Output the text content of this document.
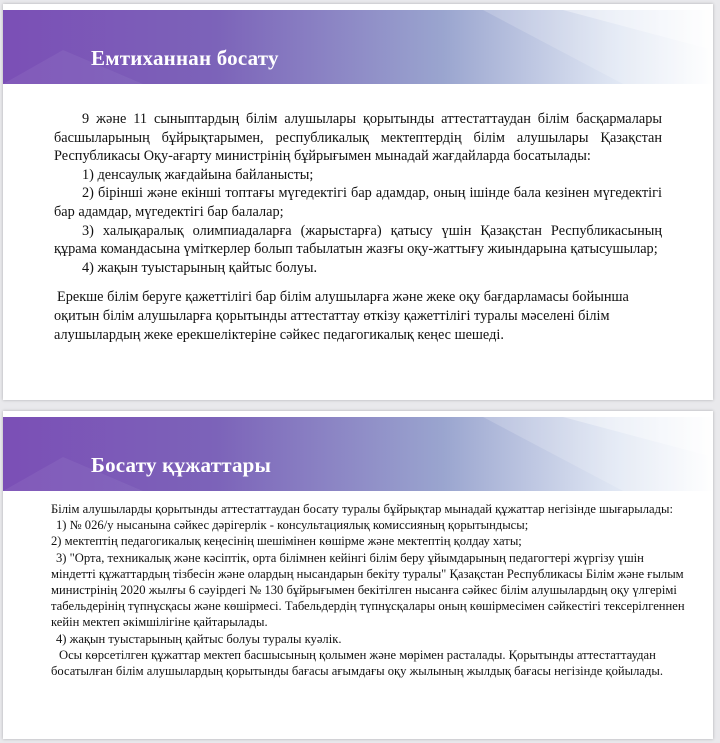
Емтиханнан босату

9 және 11 сыныптардың білім алушылары қорытынды аттестаттаудан білім басқармалары басшыларының бұйрықтарымен, республикалық мектептердің білім алушылары Қазақстан Республикасы Оқу-ағарту министрінің бұйрығымен мынадай жағдайларда босатылады:

1) денсаулық жағдайына байланысты;

2) бірінші және екінші топтағы мүгедектігі бар адамдар, оның ішінде бала кезінен мүгедектігі бар адамдар, мүгедектігі бар балалар;

3) халықаралық олимпиадаларға (жарыстарға) қатысу үшін Қазақстан Республикасының құрама командасына үміткерлер болып табылатын жазғы оқу-жаттығу жиындарына қатысушылар;

4) жақын туыстарының қайтыс болуы.

Ерекше білім беруге қажеттілігі бар білім алушыларға және жеке оқу бағдарламасы бойынша оқитын білім алушыларға қорытынды аттестаттау өткізу қажеттілігі туралы мәселені білім алушылардың жеке ерекшеліктеріне сәйкес педагогикалық кеңес шешеді.

Босату құжаттары

Білім алушыларды қорытынды аттестаттаудан босату туралы бұйрықтар мынадай құжаттар негізінде шығарылады:

1) № 026/у нысанына сәйкес дәрігерлік - консультациялық комиссияның қорытындысы;

2) мектептің педагогикалық кеңесінің шешімінен көшірме және мектептің қолдау хаты;

3) "Орта, техникалық және кәсіптік, орта білімнен кейінгі білім беру ұйымдарының педагогтері жүргізу үшін міндетті құжаттардың тізбесін және олардың нысандарын бекіту туралы" Қазақстан Республикасы Білім және ғылым министрінің 2020 жылғы 6 сәуірдегі № 130 бұйрығымен бекітілген нысанға сәйкес білім алушылардың оқу үлгерімі табельдерінің түпнұсқасы және көшірмесі. Табельдердің түпнұсқалары оның көшірмесімен сәйкестігі тексерілгеннен кейін мектеп әкімшілігіне қайтарылады.

4) жақын туыстарының қайтыс болуы туралы куәлік.

Осы көрсетілген құжаттар мектеп басшысының қолымен және мөрімен расталады. Қорытынды аттестаттаудан босатылған білім алушылардың қорытынды бағасы ағымдағы оқу жылының жылдық бағасы негізінде қойылады.
